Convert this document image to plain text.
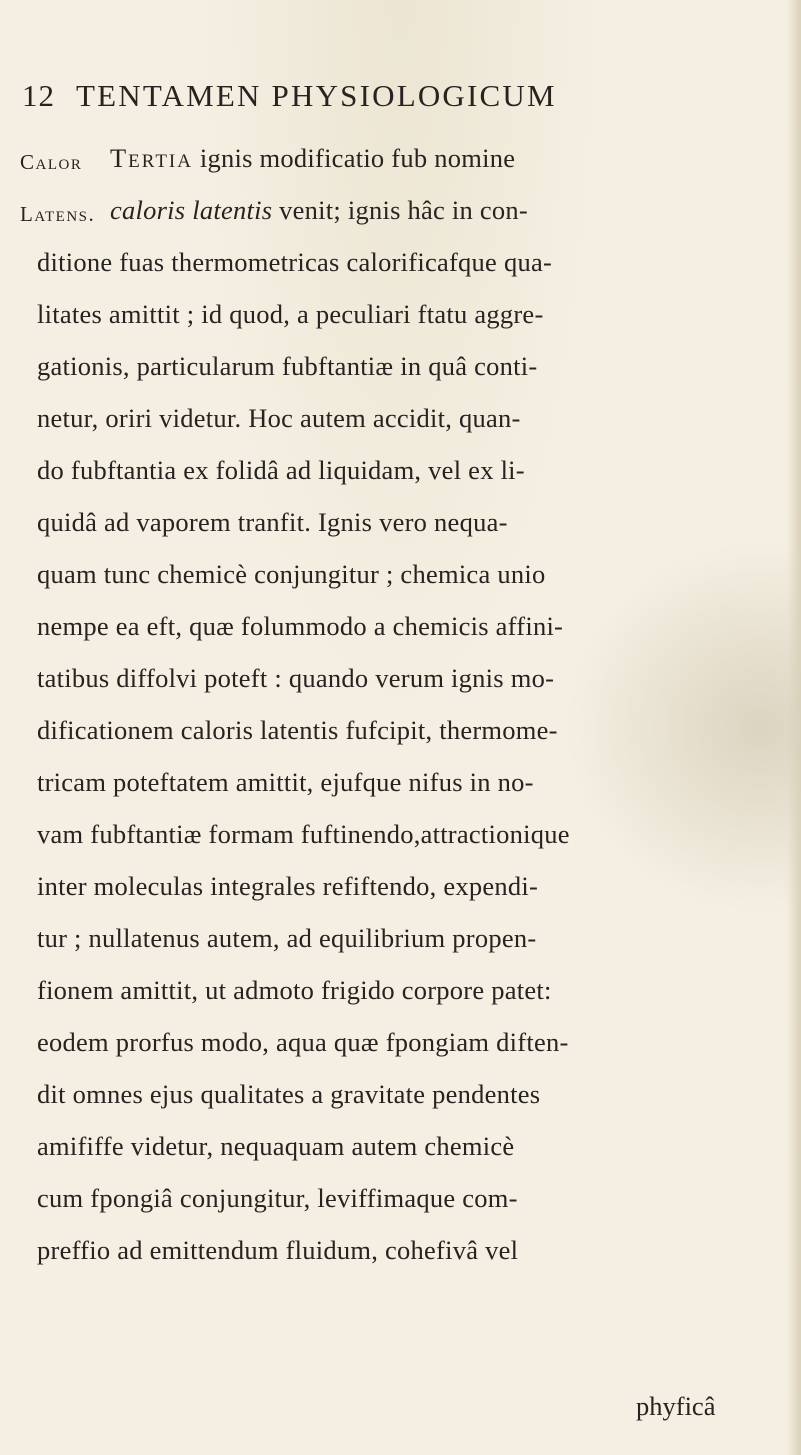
12 TENTAMEN PHYSIOLOGICUM
Calor
Latens.
Tertia ignis modificatio fub nomine
caloris latentis venit; ignis hâc in con-
ditione fuas thermometricas calorificafque qua-
litates amittit ; id quod, a peculiari ftatu aggre-
gationis, particularum fubftantiæ in quâ conti-
netur, oriri videtur. Hoc autem accidit, quan-
do fubftantia ex folidâ ad liquidam, vel ex li-
quidâ ad vaporem tranfit. Ignis vero nequa-
quam tunc chemicè conjungitur ; chemica unio
nempe ea eft, quæ folummodo a chemicis affini-
tatibus diffolvi poteft : quando verum ignis mo-
dificationem caloris latentis fufcipit, thermome-
tricam poteftatem amittit, ejufque nifus in no-
vam fubftantiæ formam fuftinendo,attractionique
inter moleculas integrales refiftendo, expendi-
tur ; nullatenus autem, ad equilibrium propen-
fionem amittit, ut admoto frigido corpore patet:
eodem prorfus modo, aqua quæ fpongiam diften-
dit omnes ejus qualitates a gravitate pendentes
amififfe videtur, nequaquam autem chemicè
cum fpongiâ conjungitur, leviffimaque com-
preffio ad emittendum fluidum, cohefivâ vel
phyficâ
